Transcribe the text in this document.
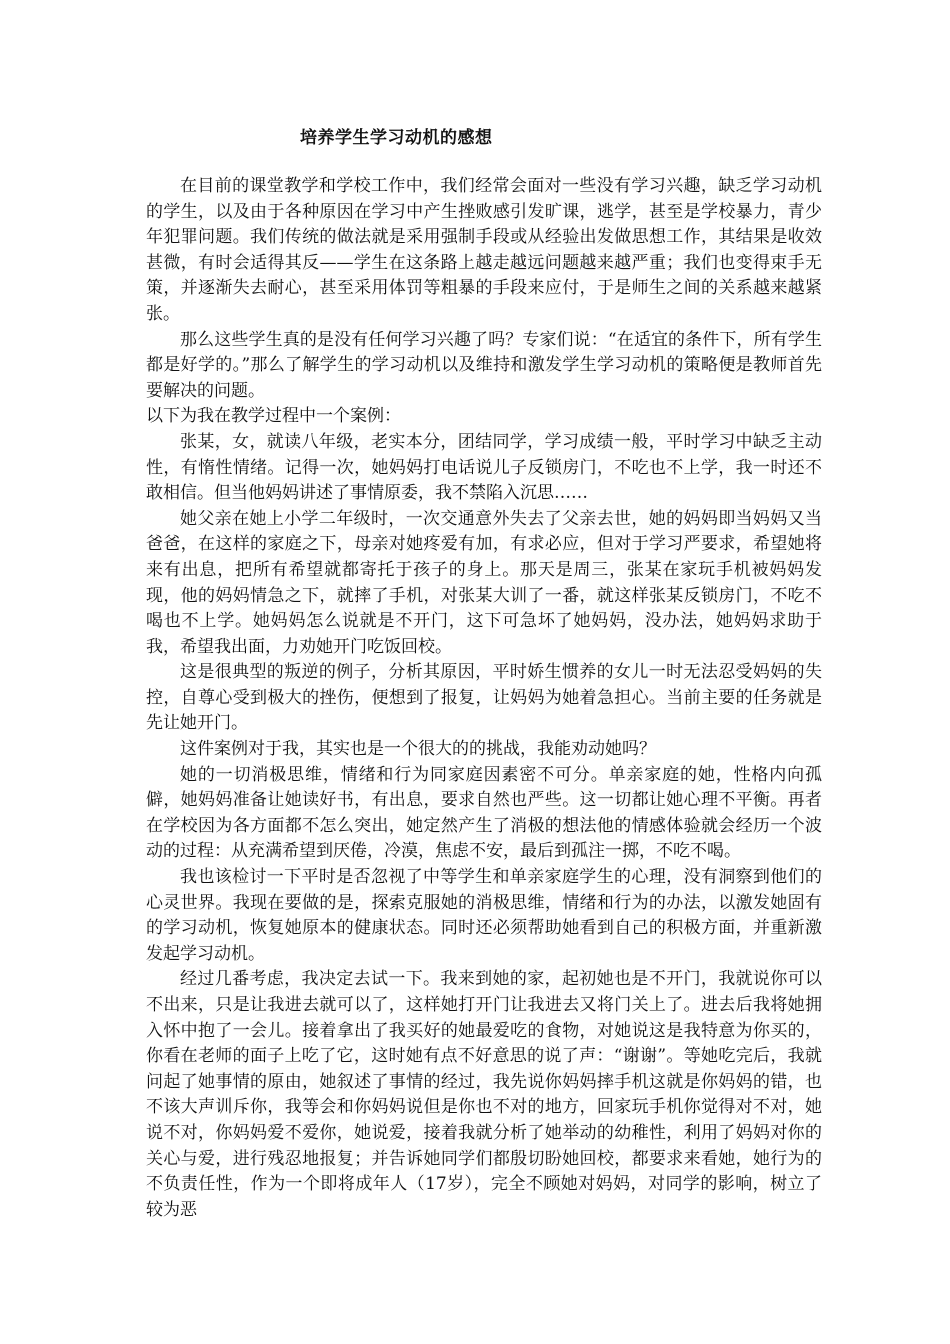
培养学生学习动机的感想

在目前的课堂教学和学校工作中，我们经常会面对一些没有学习兴趣，缺乏学习动机的学生，以及由于各种原因在学习中产生挫败感引发旷课，逃学，甚至是学校暴力，青少年犯罪问题。我们传统的做法就是采用强制手段或从经验出发做思想工作，其结果是收效甚微，有时会适得其反——学生在这条路上越走越远问题越来越严重；我们也变得束手无策，并逐渐失去耐心，甚至采用体罚等粗暴的手段来应付，于是师生之间的关系越来越紧张。

那么这些学生真的是没有任何学习兴趣了吗？专家们说：“在适宜的条件下，所有学生都是好学的。”那么了解学生的学习动机以及维持和激发学生学习动机的策略便是教师首先要解决的问题。

以下为我在教学过程中一个案例：

张某，女，就读八年级，老实本分，团结同学，学习成绩一般，平时学习中缺乏主动性，有惰性情绪。记得一次，她妈妈打电话说儿子反锁房门，不吃也不上学，我一时还不敢相信。但当他妈妈讲述了事情原委，我不禁陷入沉思……

她父亲在她上小学二年级时，一次交通意外失去了父亲去世，她的妈妈即当妈妈又当爸爸，在这样的家庭之下，母亲对她疼爱有加，有求必应，但对于学习严要求，希望她将来有出息，把所有希望就都寄托于孩子的身上。那天是周三，张某在家玩手机被妈妈发现，他的妈妈情急之下，就摔了手机，对张某大训了一番，就这样张某反锁房门，不吃不喝也不上学。她妈妈怎么说就是不开门，这下可急坏了她妈妈，没办法，她妈妈求助于我，希望我出面，力劝她开门吃饭回校。

这是很典型的叛逆的例子，分析其原因，平时娇生惯养的女儿一时无法忍受妈妈的失控，自尊心受到极大的挫伤，便想到了报复，让妈妈为她着急担心。当前主要的任务就是先让她开门。

这件案例对于我，其实也是一个很大的的挑战，我能劝动她吗？

她的一切消极思维，情绪和行为同家庭因素密不可分。单亲家庭的她，性格内向孤僻，她妈妈准备让她读好书，有出息，要求自然也严些。这一切都让她心理不平衡。再者在学校因为各方面都不怎么突出，她定然产生了消极的想法他的情感体验就会经历一个波动的过程：从充满希望到厌倦，冷漠，焦虑不安，最后到孤注一掷，不吃不喝。

我也该检讨一下平时是否忽视了中等学生和单亲家庭学生的心理，没有洞察到他们的心灵世界。我现在要做的是，探索克服她的消极思维，情绪和行为的办法，以激发她固有的学习动机，恢复她原本的健康状态。同时还必须帮助她看到自己的积极方面，并重新激发起学习动机。

经过几番考虑，我决定去试一下。我来到她的家，起初她也是不开门，我就说你可以不出来，只是让我进去就可以了，这样她打开门让我进去又将门关上了。进去后我将她拥入怀中抱了一会儿。接着拿出了我买好的她最爱吃的食物，对她说这是我特意为你买的，你看在老师的面子上吃了它，这时她有点不好意思的说了声：“谢谢”。等她吃完后，我就问起了她事情的原由，她叙述了事情的经过，我先说你妈妈摔手机这就是你妈妈的错，也不该大声训斥你，我等会和你妈妈说但是你也不对的地方，回家玩手机你觉得对不对，她说不对，你妈妈爱不爱你，她说爱，接着我就分析了她举动的幼稚性，利用了妈妈对你的关心与爱，进行残忍地报复；并告诉她同学们都殷切盼她回校，都要求来看她，她行为的不负责任性，作为一个即将成年人（17岁），完全不顾她对妈妈，对同学的影响，树立了较为恶
